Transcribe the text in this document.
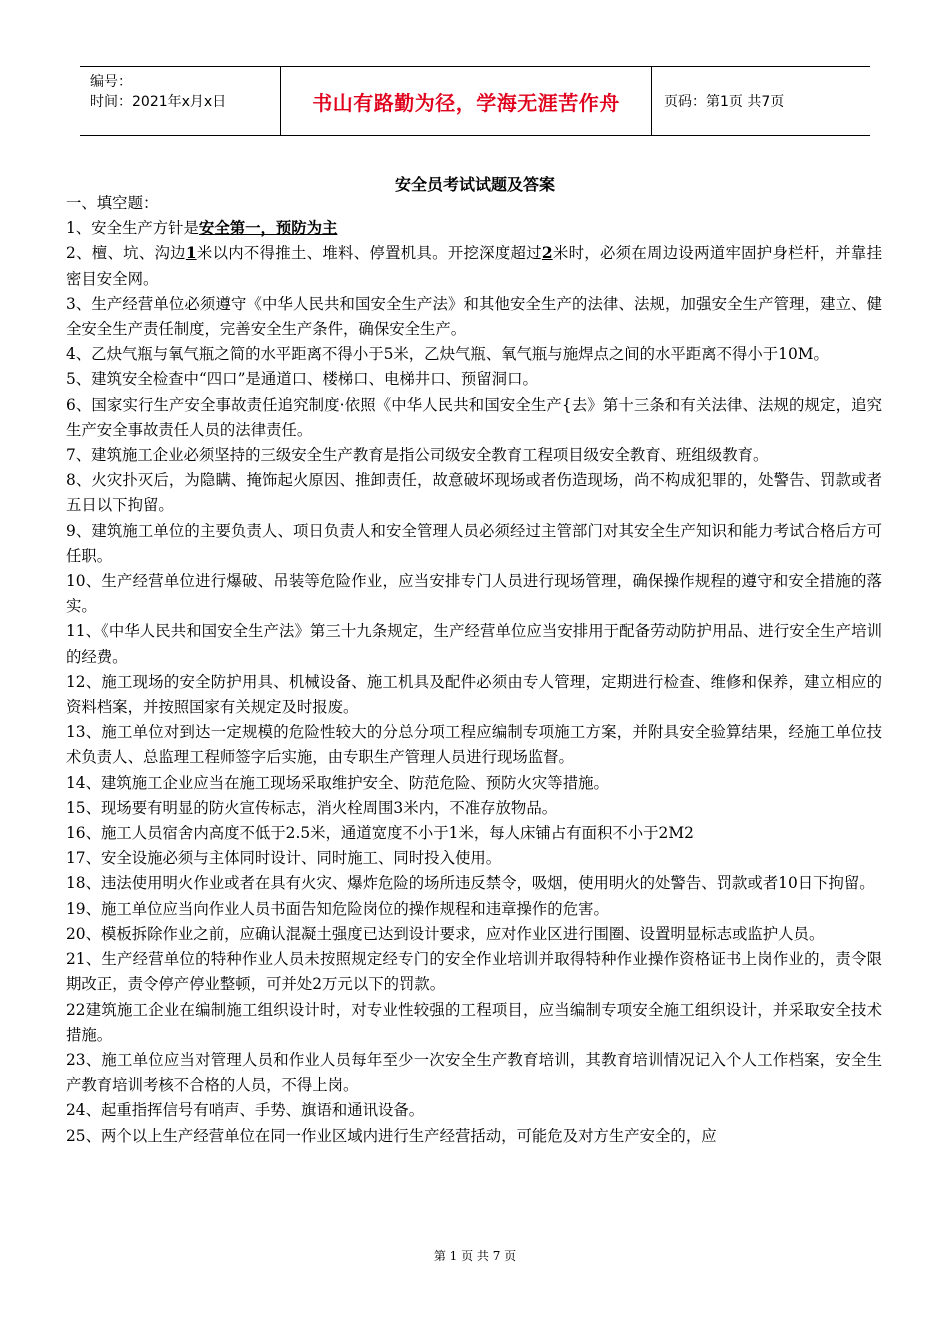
编号：
时间：2021年x月x日	书山有路勤为径，学海无涯苦作舟	页码：第1页 共7页
安全员考试试题及答案

一、填空题：

1、安全生产方针是安全第一，预防为主

2、檀、坑、沟边1米以内不得推土、堆料、停置机具。开挖深度超过2米时，必须在周边设两道牢固护身栏杆，并靠挂密目安全网。

3、生产经营单位必须遵守《中华人民共和国安全生产法》和其他安全生产的法律、法规，加强安全生产管理，建立、健全安全生产责任制度，完善安全生产条件，确保安全生产。

4、乙炔气瓶与氧气瓶之简的水平距离不得小于5米，乙炔气瓶、氧气瓶与施焊点之间的水平距离不得小于10M。

5、建筑安全检查中“四口”是通道口、楼梯口、电梯井口、预留洞口。

6、国家实行生产安全事故责任追究制度·依照《中华人民共和国安全生产{去》第十三条和有关法律、法规的规定，追究生产安全事故责任人员的法律责任。

7、建筑施工企业必须坚持的三级安全生产教育是指公司级安全教育工程项目级安全教育、班组级教育。

8、火灾扑灭后，为隐瞒、掩饰起火原因、推卸责任，故意破坏现场或者伤造现场，尚不构成犯罪的，处警告、罚款或者五日以下拘留。

9、建筑施工单位的主要负责人、项日负责人和安全管理人员必须经过主管部门对其安全生产知识和能力考试合格后方可任职。

10、生产经营单位进行爆破、吊装等危险作业，应当安排专门人员进行现场管理，确保操作规程的遵守和安全措施的落实。

11、《中华人民共和国安全生产法》第三十九条规定，生产经营单位应当安排用于配备劳动防护用品、进行安全生产培训的经费。

12、施工现场的安全防护用具、机械设备、施工机具及配件必须由专人管理，定期进行检查、维修和保养，建立相应的资料档案，并按照国家有关规定及时报废。

13、施工单位对到达一定规模的危险性较大的分总分项工程应编制专项施工方案，并附具安全验算结果，经施工单位技术负责人、总监理工程师签字后实施，由专职生产管理人员进行现场监督。

14、建筑施工企业应当在施工现场采取维护安全、防范危险、预防火灾等措施。

15、现场要有明显的防火宣传标志，消火栓周围3米内，不准存放物品。

16、施工人员宿舍内高度不低于2.5米，通道宽度不小于1米，每人床铺占有面积不小于2M2

17、安全设施必须与主体同时设计、同时施工、同时投入使用。

18、违法使用明火作业或者在具有火灾、爆炸危险的场所违反禁令，吸烟，使用明火的处警告、罚款或者10日下拘留。

19、施工单位应当向作业人员书面告知危险岗位的操作规程和违章操作的危害。

20、模板拆除作业之前，应确认混凝土强度已达到设计要求，应对作业区进行围圈、设置明显标志或监护人员。

21、生产经营单位的特种作业人员未按照规定经专门的安全作业培训并取得特种作业操作资格证书上岗作业的，责令限期改正，责令停产停业整顿，可并处2万元以下的罚款。

22建筑施工企业在编制施工组织设计时，对专业性较强的工程项目，应当编制专项安全施工组织设计，并采取安全技术措施。

23、施工单位应当对管理人员和作业人员每年至少一次安全生产教育培训，其教育培训情况记入个人工作档案，安全生产教育培训考核不合格的人员，不得上岗。

24、起重指挥信号有哨声、手势、旗语和通讯设备。

25、两个以上生产经营单位在同一作业区域内进行生产经营括动，可能危及对方生产安全的，应

第 1 页 共 7 页
